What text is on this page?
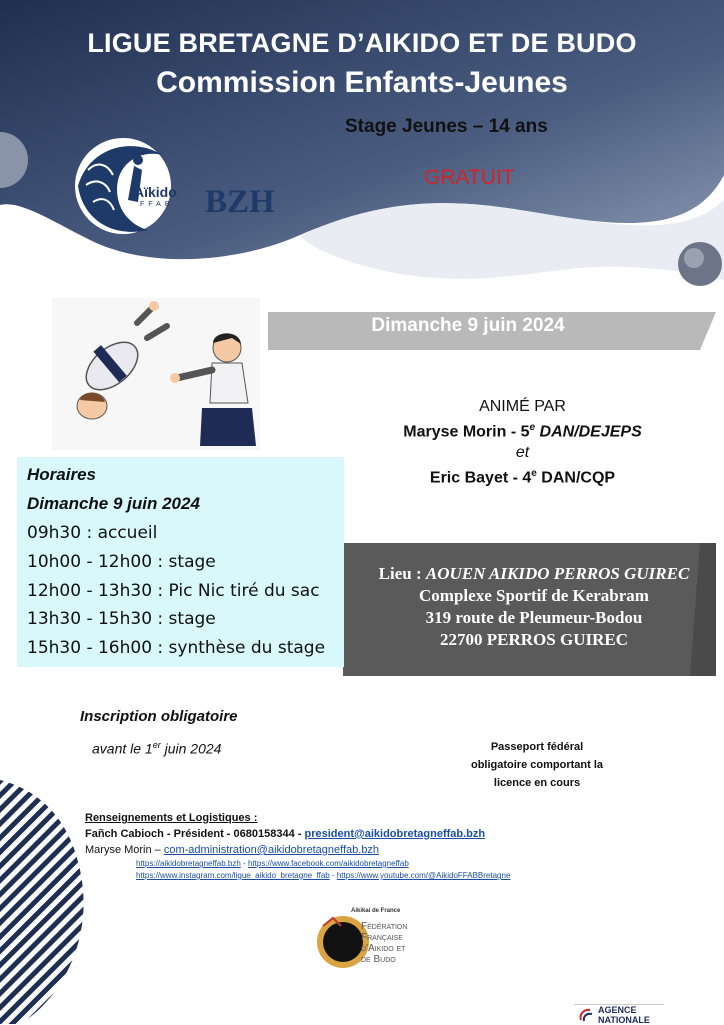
LIGUE BRETAGNE D’AIKIDO ET DE BUDO
Commission Enfants-Jeunes
Stage Jeunes – 14 ans
GRATUIT
Aïkido
FFAB BZH
Dimanche 9 juin 2024
ANIMÉ PAR
Maryse Morin - 5e DAN/DEJEPS
et
Eric Bayet - 4e DAN/CQP
Horaires
Dimanche 9 juin 2024
09h30 : accueil
10h00 - 12h00 : stage
12h00 - 13h30 : Pic Nic tiré du sac
13h30 - 15h30 : stage
15h30 - 16h00 : synthèse du stage
Lieu : AOUEN AIKIDO PERROS GUIREC
Complexe Sportif de Kerabram
319 route de Pleumeur-Bodou
22700 PERROS GUIREC
Inscription obligatoire
avant le 1er juin 2024	Passeport fédéral
obligatoire comportant la
licence en cours
Renseignements et Logistiques :
Fañch Cabioch - Président - 0680158344 - president@aikidobretagneffab.bzh
Maryse Morin – com-administration@aikidobretagneffab.bzh
https://aikidobretagneffab.bzh - https://www.facebook.com/aikidobretagneffab
https://www.instagram.com/ligue_aikido_bretagne_ffab - https://www.youtube.com/@AikidoFFABBretagne
Aikikai de France
Fédération
Française
d'Aikido et
de Budo
AGENCE
NATIONALE
